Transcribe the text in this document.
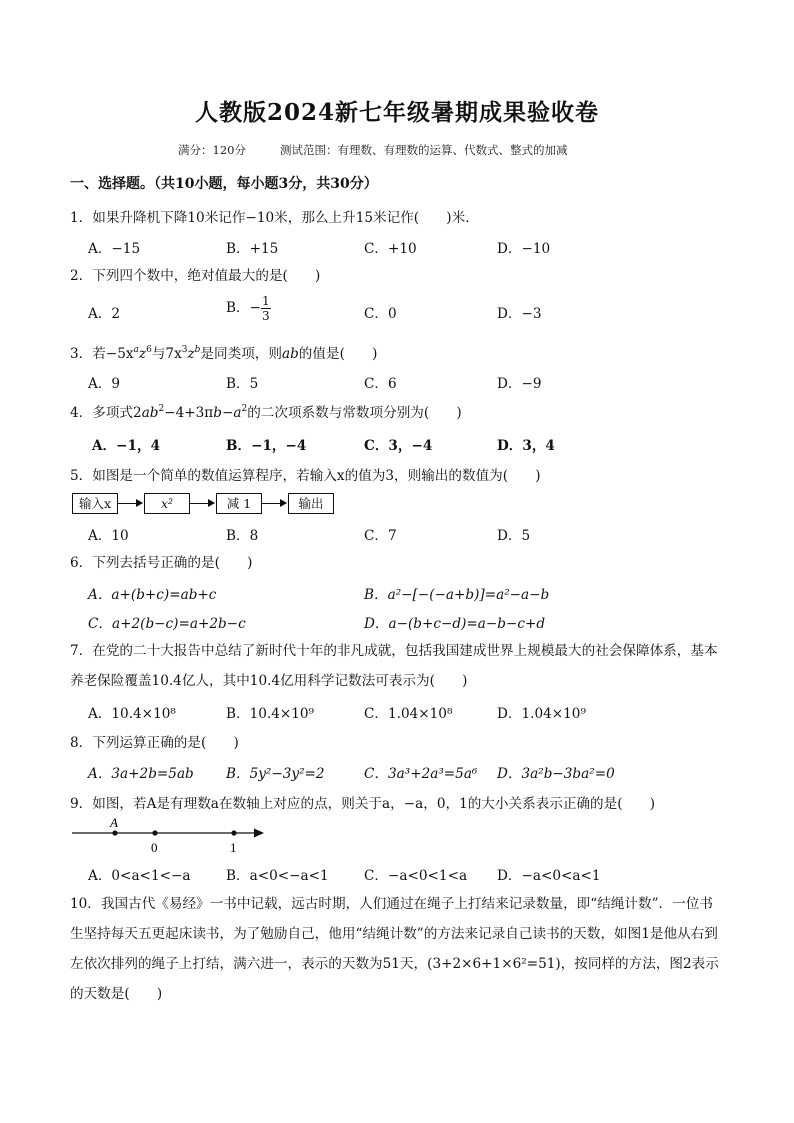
人教版2024新七年级暑期成果验收卷
满分：120分	测试范围：有理数、有理数的运算、代数式、整式的加减
一、选择题。（共10小题，每小题3分，共30分）
1．如果升降机下降10米记作−10米，那么上升15米记作(　　)米．
A．−15	B．+15	C．+10	D．−10
2．下列四个数中，绝对值最大的是(　　)
A．2	B．− $\frac{1}{3}$	C．0	D．−3
3．若$-5x^az^6$与$7x^3z^b$是同类项，则ab的值是(　　)
A．9	B．5	C．6	D．−9
4．多项式$2ab^2-4+3\pi b-a^2$的二次项系数与常数项分别为(　　)
A．−1，4	B．−1，−4	C．3，−4	D．3，4
5．如图是一个简单的数值运算程序，若输入x的值为3，则输出的数值为(　　)
输入x	x²	减 1	输出
A．10	B．8	C．7	D．5
6．下列去括号正确的是(　　)
A．a+(b+c)=ab+c	B．a²−[−(−a+b)]=a²−a−b
C．a+2(b−c)=a+2b−c	D．a−(b+c−d)=a−b−c+d
7．在党的二十大报告中总结了新时代十年的非凡成就，包括我国建成世界上规模最大的社会保障体系，基本养老保险覆盖10.4亿人，其中10.4亿用科学记数法可表示为(　　)
A．10.4×10⁸	B．10.4×10⁹	C．1.04×10⁸	D．1.04×10⁹
8．下列运算正确的是(　　)
A．3a+2b=5ab B．5y²−3y²=2	C．3a³+2a³=5a⁶ D．3a²b−3ba²=0
9．如图，若A是有理数a在数轴上对应的点，则关于a，−a，0，1的大小关系表示正确的是(　　)
A
0	1
A．0<a<1<−a	B．a<0<−a<1	C．−a<0<1<a D．−a<0<a<1
10．我国古代《易经》一书中记载，远古时期，人们通过在绳子上打结来记录数量，即“结绳计数”．一位书生坚持每天五更起床读书，为了勉励自己，他用“结绳计数”的方法来记录自己读书的天数，如图1是他从右到左依次排列的绳子上打结，满六进一，表示的天数为51天，(3+2×6+1×6²=51)，按同样的方法，图2表示的天数是(　　)
